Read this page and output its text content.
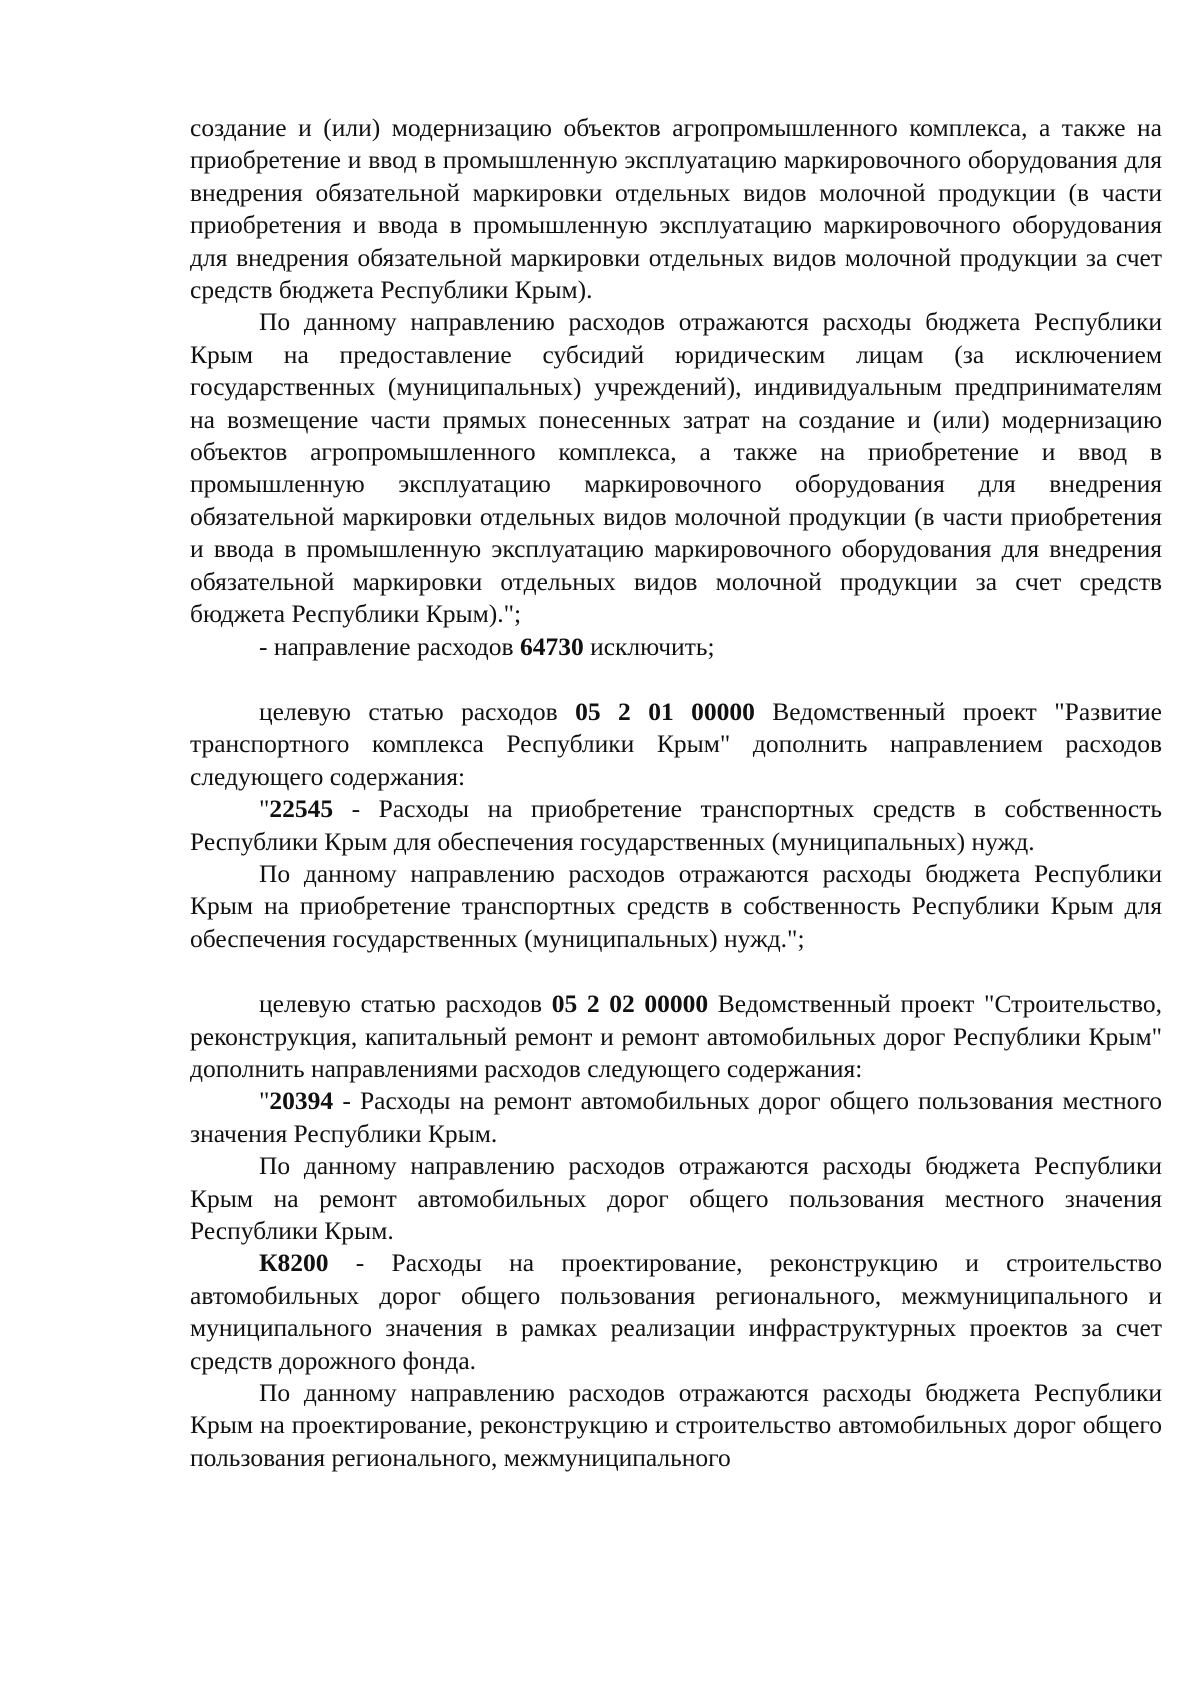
создание и (или) модернизацию объектов агропромышленного комплекса, а также на приобретение и ввод в промышленную эксплуатацию маркировочного оборудования для внедрения обязательной маркировки отдельных видов молочной продукции (в части приобретения и ввода в промышленную эксплуатацию маркировочного оборудования для внедрения обязательной маркировки отдельных видов молочной продукции за счет средств бюджета Республики Крым).

По данному направлению расходов отражаются расходы бюджета Республики Крым на предоставление субсидий юридическим лицам (за исключением государственных (муниципальных) учреждений), индивидуальным предпринимателям на возмещение части прямых понесенных затрат на создание и (или) модернизацию объектов агропромышленного комплекса, а также на приобретение и ввод в промышленную эксплуатацию маркировочного оборудования для внедрения обязательной маркировки отдельных видов молочной продукции (в части приобретения и ввода в промышленную эксплуатацию маркировочного оборудования для внедрения обязательной маркировки отдельных видов молочной продукции за счет средств бюджета Республики Крым).";

- направление расходов 64730 исключить;

целевую статью расходов 05 2 01 00000 Ведомственный проект "Развитие транспортного комплекса Республики Крым" дополнить направлением расходов следующего содержания:

"22545 - Расходы на приобретение транспортных средств в собственность Республики Крым для обеспечения государственных (муниципальных) нужд.

По данному направлению расходов отражаются расходы бюджета Республики Крым на приобретение транспортных средств в собственность Республики Крым для обеспечения государственных (муниципальных) нужд.";

целевую статью расходов 05 2 02 00000 Ведомственный проект "Строительство, реконструкция, капитальный ремонт и ремонт автомобильных дорог Республики Крым" дополнить направлениями расходов следующего содержания:

"20394 - Расходы на ремонт автомобильных дорог общего пользования местного значения Республики Крым.

По данному направлению расходов отражаются расходы бюджета Республики Крым на ремонт автомобильных дорог общего пользования местного значения Республики Крым.

К8200 - Расходы на проектирование, реконструкцию и строительство автомобильных дорог общего пользования регионального, межмуниципального и муниципального значения в рамках реализации инфраструктурных проектов за счет средств дорожного фонда.

По данному направлению расходов отражаются расходы бюджета Республики Крым на проектирование, реконструкцию и строительство автомобильных дорог общего пользования регионального, межмуниципального
